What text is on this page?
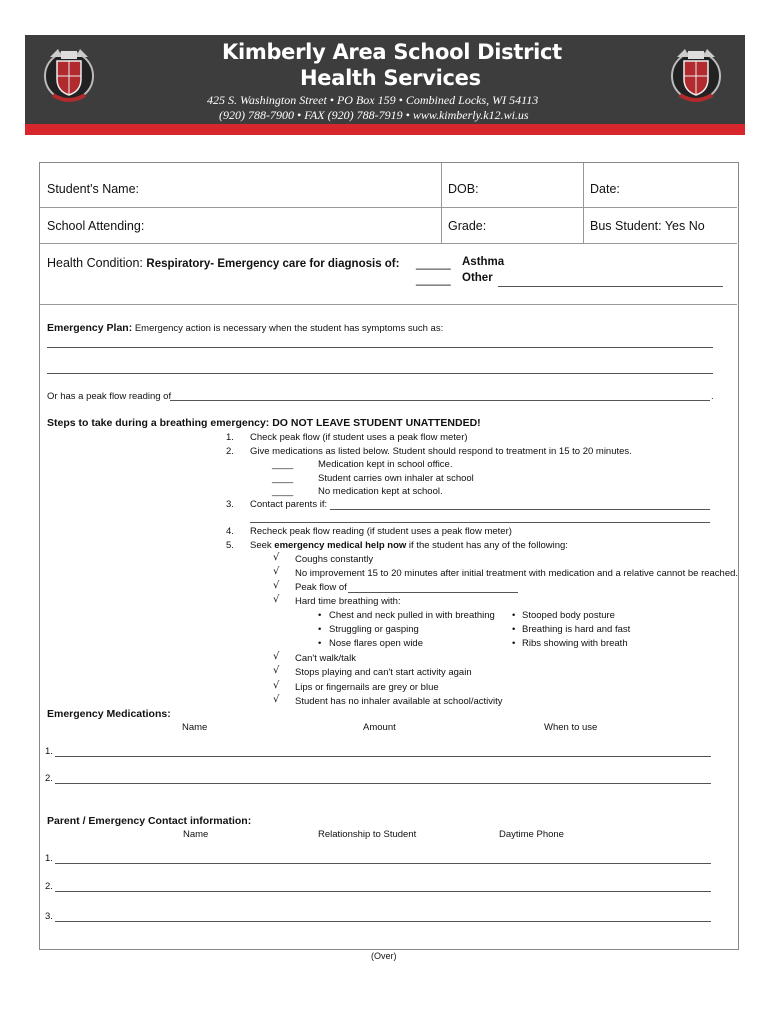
Kimberly Area School District
Health Services
425 S. Washington Street • PO Box 159 • Combined Locks, WI 54113
(920) 788-7900 • FAX (920) 788-7919 • www.kimberly.k12.wi.us
Student's Name:	DOB:	Date:
School Attending:	Grade:	Bus Student: Yes No
Health Condition: Respiratory- Emergency care for diagnosis of: _____ Asthma
_____ Other
Emergency Plan: Emergency action is necessary when the student has symptoms such as:
Or has a peak flow reading of	.
Steps to take during a breathing emergency: DO NOT LEAVE STUDENT UNATTENDED!
1. Check peak flow (if student uses a peak flow meter)
2. Give medications as listed below. Student should respond to treatment in 15 to 20 minutes.
____	Medication kept in school office.
____	Student carries own inhaler at school
____	No medication kept at school.
3. Contact parents if:
4. Recheck peak flow reading (if student uses a peak flow meter)
5. Seek emergency medical help now if the student has any of the following:
√ Coughs constantly
√ No improvement 15 to 20 minutes after initial treatment with medication and a relative cannot be reached.
√ Peak flow of
√ Hard time breathing with:
• Chest and neck pulled in with breathing
• Struggling or gasping
• Nose flares open wide
• Stooped body posture
• Breathing is hard and fast
• Ribs showing with breath
√ Can't walk/talk
√ Stops playing and can't start activity again
√ Lips or fingernails are grey or blue
√ Student has no inhaler available at school/activity
Emergency Medications:
Name	Amount	When to use
1.
2.
Parent / Emergency Contact information:
Name	Relationship to Student	Daytime Phone
1.
2.
3.
(Over)
